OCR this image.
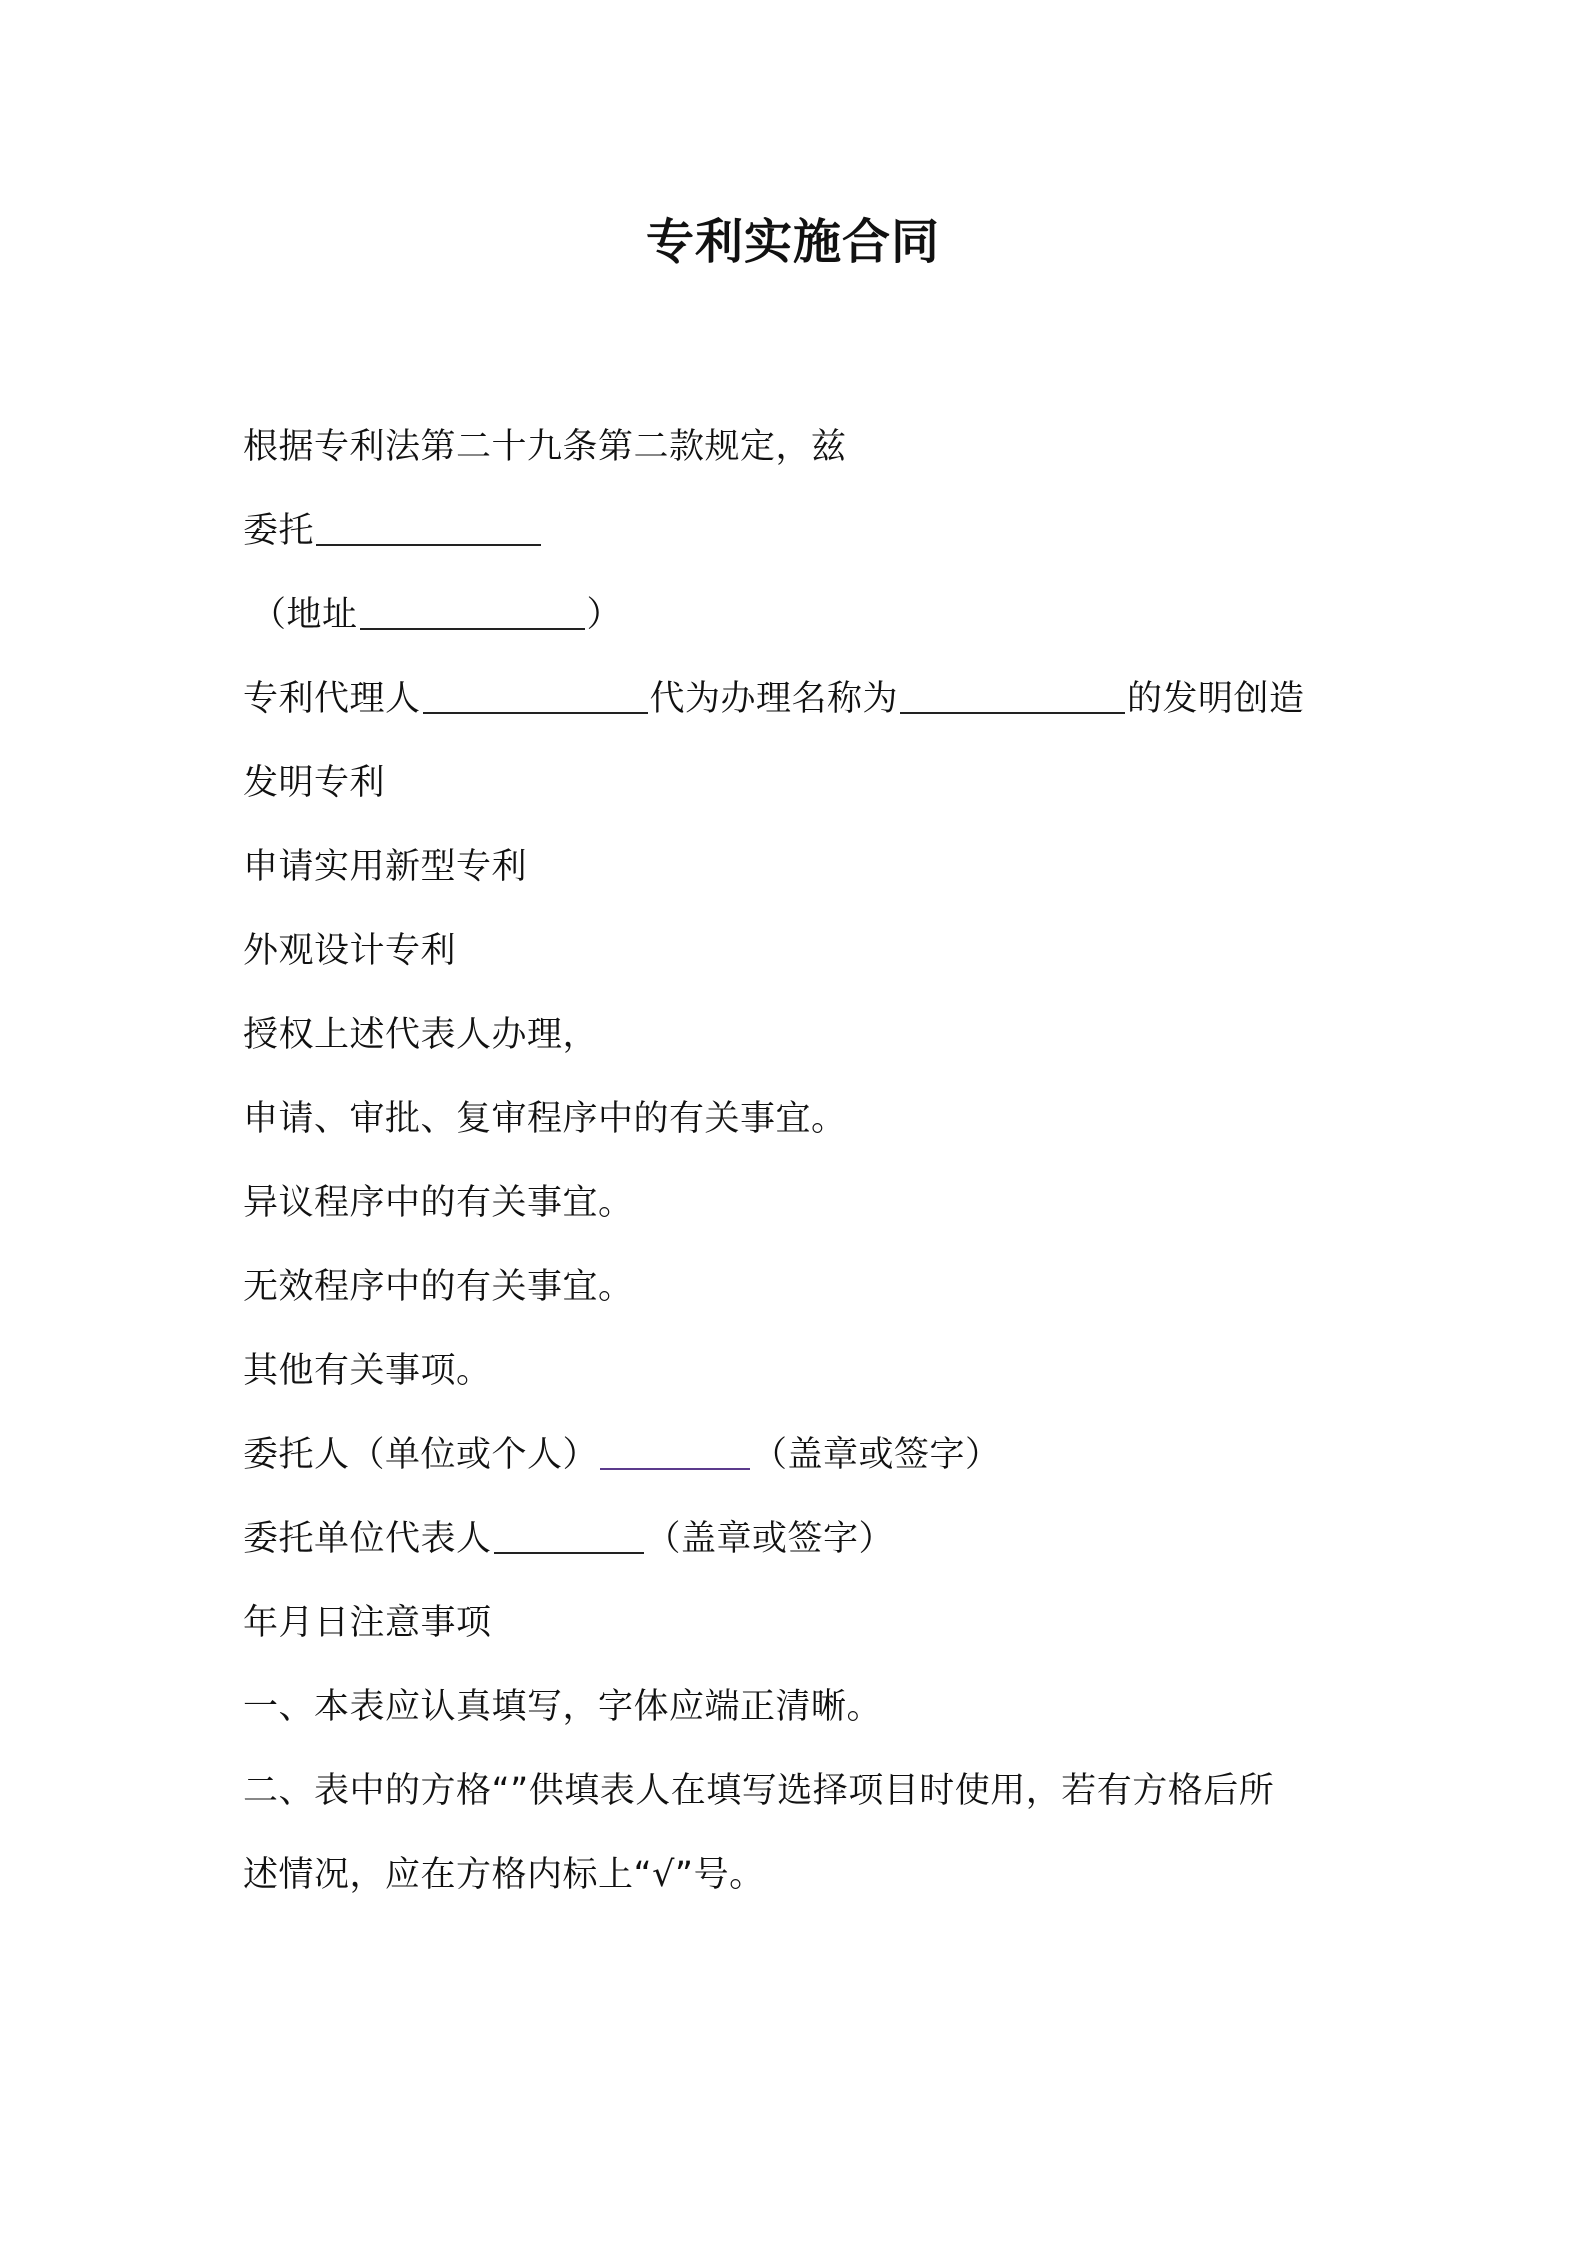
专利实施合同
根据专利法第二十九条第二款规定，兹
委托
（地址	）
专利代理人	代为办理名称为	的发明创造
发明专利
申请实用新型专利
外观设计专利
授权上述代表人办理，
申请、审批、复审程序中的有关事宜。
异议程序中的有关事宜。
无效程序中的有关事宜。
其他有关事项。
委托人（单位或个人）	（盖章或签字）
委托单位代表人	（盖章或签字）
年月日注意事项
一、本表应认真填写，字体应端正清晰。
二、表中的方格“”供填表人在填写选择项目时使用，若有方格后所
述情况，应在方格内标上“√”号。
